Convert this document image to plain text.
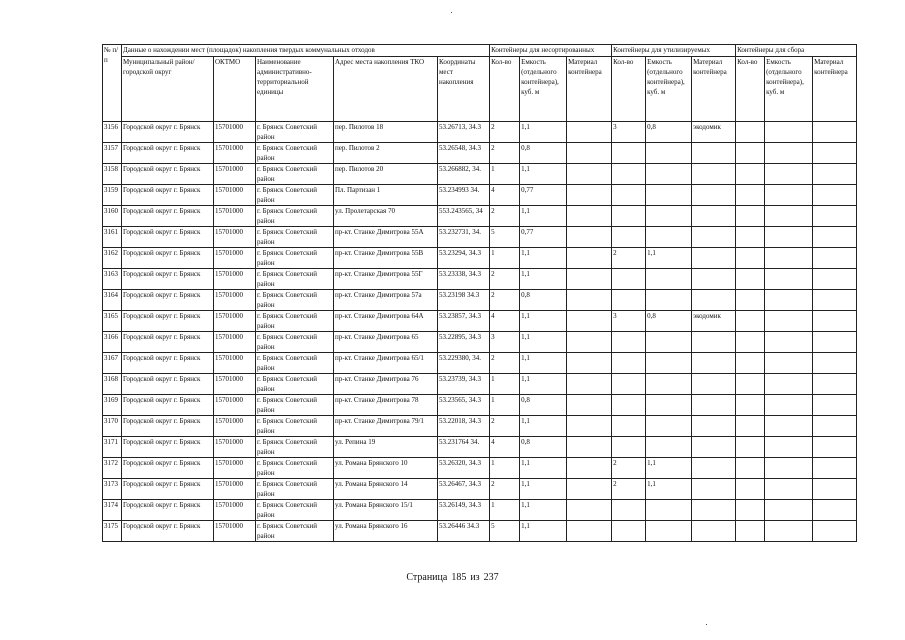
№ п/п	Данные о нахождении мест (площадок) накопления твердых коммунальных отходов					Контейнеры для несортированных			Контейнеры для утилизируемых			Контейнеры для сбора		
	Муниципальный район/городской округ	ОКТМО	Наименование административно-территориальной единицы	Адрес места накопления ТКО	Координаты мест накопления	Кол-во	Емкость (отдельного контейнера), куб. м	Материал контейнера	Кол-во	Емкость (отдельного контейнера), куб. м	Материал контейнера	Кол-во	Емкость (отдельного контейнера), куб. м	Материал контейнера
3156	Городской округ г. Брянск	15701000	г. Брянск Советский район	пер. Пилотов 18	53.26713, 34.3	2	1,1		3	0,8	экодомик			
3157	Городской округ г. Брянск	15701000	г. Брянск Советский район	пер. Пилотов 2	53.26548, 34.3	2	0,8							
3158	Городской округ г. Брянск	15701000	г. Брянск Советский район	пер. Пилотов 20	53.266882, 34.	1	1,1							
3159	Городской округ г. Брянск	15701000	г. Брянск Советский район	Пл. Партизан 1	53.234993 34.	4	0,77							
3160	Городской округ г. Брянск	15701000	г. Брянск Советский район	ул. Пролетарская 70	553.243565, 34	2	1,1							
3161	Городской округ г. Брянск	15701000	г. Брянск Советский район	пр-кт. Станке Димитрова 55А	53.232731, 34.	5	0,77							
3162	Городской округ г. Брянск	15701000	г. Брянск Советский район	пр-кт. Станке Димитрова 55В	53.23294, 34.3	1	1,1		2	1,1				
3163	Городской округ г. Брянск	15701000	г. Брянск Советский район	пр-кт. Станке Димитрова 55Г	53.23338, 34.3	2	1,1							
3164	Городской округ г. Брянск	15701000	г. Брянск Советский район	пр-кт. Станке Димитрова 57а	53.23198 34.3	2	0,8							
3165	Городской округ г. Брянск	15701000	г. Брянск Советский район	пр-кт. Станке Димитрова 64А	53.23857, 34.3	4	1,1		3	0,8	экодомик			
3166	Городской округ г. Брянск	15701000	г. Брянск Советский район	пр-кт. Станке Димитрова 65	53.22895, 34.3	3	1,1							
3167	Городской округ г. Брянск	15701000	г. Брянск Советский район	пр-кт. Станке Димитрова 65/1	53.229380, 34.	2	1,1							
3168	Городской округ г. Брянск	15701000	г. Брянск Советский район	пр-кт. Станке Димитрова 76	53.23739, 34.3	1	1,1							
3169	Городской округ г. Брянск	15701000	г. Брянск Советский район	пр-кт. Станке Димитрова 78	53.23565, 34.3	1	0,8							
3170	Городской округ г. Брянск	15701000	г. Брянск Советский район	пр-кт. Станке Димитрова 79/1	53.22018, 34.3	2	1,1							
3171	Городской округ г. Брянск	15701000	г. Брянск Советский район	ул. Репина 19	53.231764 34.	4	0,8							
3172	Городской округ г. Брянск	15701000	г. Брянск Советский район	ул. Романа Брянского 10	53.26320, 34.3	1	1,1		2	1,1				
3173	Городской округ г. Брянск	15701000	г. Брянск Советский район	ул. Романа Брянского 14	53.26467, 34.3	2	1,1		2	1,1				
3174	Городской округ г. Брянск	15701000	г. Брянск Советский район	ул. Романа Брянского 15/1	53.26149, 34.3	1	1,1							
3175	Городской округ г. Брянск	15701000	г. Брянск Советский район	ул. Романа Брянского 16	53.26446 34.3	5	1,1							
Страница 185 из 237
